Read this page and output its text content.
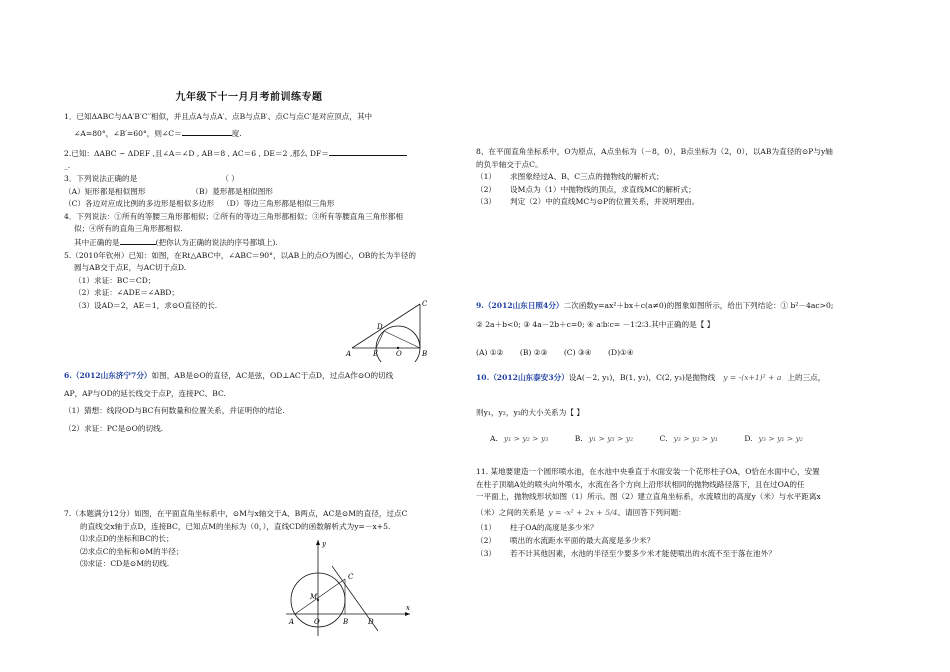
九年级下十一月月考前训练专题
1．已知ΔABC与ΔA′B′C′′相似，并且点A与点A′、点B与点B′、点C与点C′是对应顶点，其中
∠A=80°，∠B′=60°，则∠C＝	度.
2.已知：ΔABC ∽ ΔDEF ,且∠A＝∠D , AB＝8 , AC＝6 , DE＝2 ,那么 DF＝
_.
3．下列说法正确的是	（ ）
（A）矩形都是相似图形	（B）菱形都是相似图形
（C）各边对应成比例的多边形是相似多边形 （D）等边三角形都是相似三角形
4．下列说法：①所有的等腰三角形都相似；②所有的等边三角形都相似；③所有等腰直角三角形都相
似；④所有的直角三角形都相似.
其中正确的是	(把你认为正确的说法的序号都填上).
5.（2010年钦州）已知：如图，在Rt△ABC中，∠ABC＝90°，以AB上的点O为圆心，OB的长为半径的
圆与AB交于点E，与AC切于点D.
（1）求证：BC＝CD；
（2）求证：∠ADE＝∠ABD；
（3）设AD＝2，AE＝1，求⊙O直径的长.	C
D
A	E	O	B
6.（2012山东济宁7分）如图，AB是⊙O的直径，AC是弦，OD⊥AC于点D，过点A作⊙O的切线
AP，AP与OD的延长线交于点P，连接PC、BC.
（1）猜想：线段OD与BC有何数量和位置关系，并证明你的结论.
（2）求证：PC是⊙O的切线.
7.（本题满分12分）如图，在平面直角坐标系中，⊙M与x轴交于A、B两点，AC是⊙M的直径，过点C
的直线交x轴于点D，连接BC，已知点M的坐标为（0，），直线CD的函数解析式为y=－x+5.
⑴求点D的坐标和BC的长；
⑵求点C的坐标和⊙M的半径；
⑶求证：CD是⊙M的切线.
y
x
C
M
A	O	B	D
8、在平面直角坐标系中，O为原点，A点坐标为（－8，0），B点坐标为（2，0），以AB为直径的⊙P与y轴
的负半轴交于点C。
（1） 求图象经过A、B、C三点的抛物线的解析式；
（2） 设M点为（1）中抛物线的顶点，求直线MC的解析式；
（3） 判定（2）中的直线MC与⊙P的位置关系，并说明理由。
9.（2012山东日照4分）二次函数y=ax²＋bx＋c(a≠0)的图象如图所示，给出下列结论：① b²－4ac>0;
② 2a＋b<0; ③ 4a－2b＋c=0; ④ a∶b∶c= －1∶2∶3.其中正确的是【 】
(A) ①② (B) ②③ (C) ③④ (D)①④
10.（2012山东泰安3分）设A(－2, y₁)，B(1, y₂)，C(2, y₃)是抛物线 y = -(x+1)² + a 上的三点，
则y₁，y₂，y₃的大小关系为【 】
A. y₁ > y₂ > y₃	B. y₁ > y₃ > y₂	C. y₃ > y₂ > y₁	D. y₃ > y₁ > y₂
11. 某地要建造一个圆形喷水池，在水池中央垂直于水面安装一个花形柱子OA，O恰在水面中心，安置
在柱子顶端A处的喷头向外喷水，水流在各个方向上沿形状相同的抛物线路径落下，且在过OA的任
一平面上，抛物线形状如图（1）所示。图（2）建立直角坐标系，水流喷出的高度y（米）与水平距离x
（米）之间的关系是 y = -x² + 2x + 5/4。请回答下列问题：
（1） 柱子OA的高度是多少米？
（2） 喷出的水流距水平面的最大高度是多少米？
（3） 若不计其他因素，水池的半径至少要多少米才能使喷出的水流不至于落在池外？
